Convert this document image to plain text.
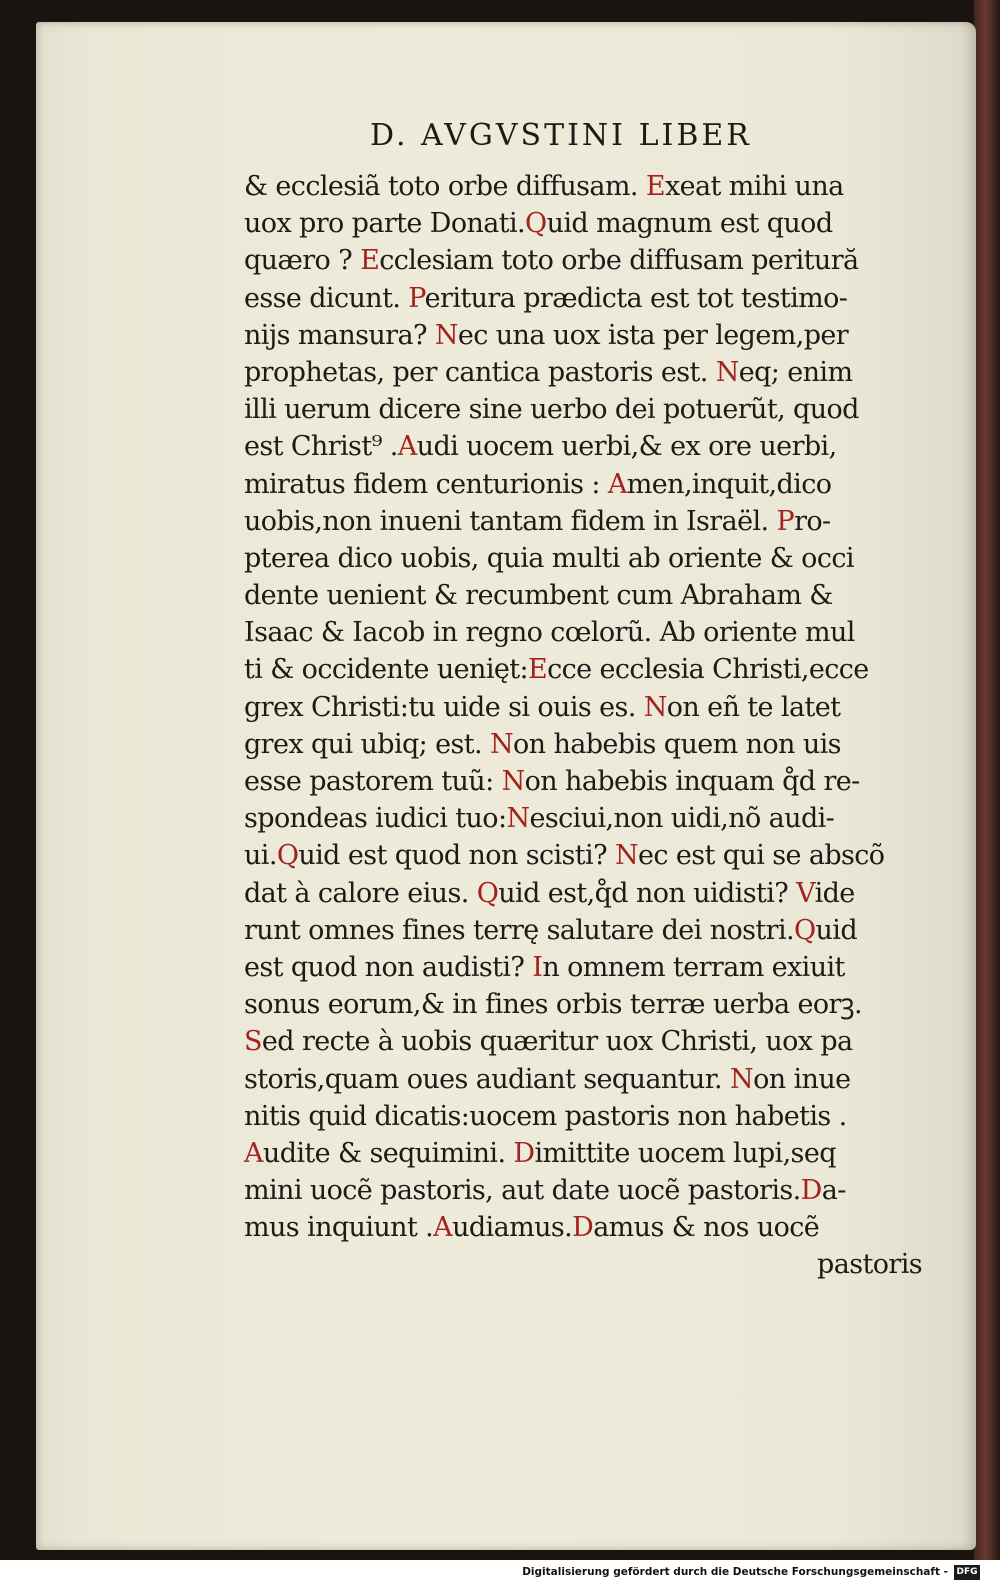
D. AVGVSTINI LIBER
& ecclesiã toto orbe diffusam. Exeat mihi una
uox pro parte Donati.Quid magnum est quod
quæro ? Ecclesiam toto orbe diffusam peritură
esse dicunt. Peritura prædicta est tot testimo-
nijs mansura? Nec una uox ista per legem,per
prophetas, per cantica pastoris est. Neq; enim
illi uerum dicere sine uerbo dei potuerũt, quod
est Christ⁹ .Audi uocem uerbi,& ex ore uerbi,
miratus fidem centurionis : Amen,inquit,dico
uobis,non inueni tantam fidem in Israël. Pro-
pterea dico uobis, quia multi ab oriente & occi
dente uenient & recumbent cum Abraham &
Isaac & Iacob in regno cœlorũ. Ab oriente mul
ti & occidente uenięt:Ecce ecclesia Christi,ecce
grex Christi:tu uide si ouis es. Non eñ te latet
grex qui ubiq; est. Non habebis quem non uis
esse pastorem tuũ: Non habebis inquam q̊d re-
spondeas iudici tuo:Nesciui,non uidi,nõ audi-
ui.Quid est quod non scisti? Nec est qui se abscõ
dat à calore eius. Quid est,q̊d non uidisti? Vide
runt omnes fines terrę salutare dei nostri.Quid
est quod non audisti? In omnem terram exiuit
sonus eorum,& in fines orbis terræ uerba eorꝫ.
Sed recte à uobis quæritur uox Christi, uox pa
storis,quam oues audiant sequantur. Non inue
nitis quid dicatis:uocem pastoris non habetis .
Audite & sequimini. Dimittite uocem lupi,seq
mini uocẽ pastoris, aut date uocẽ pastoris.Da-
mus inquiunt .Audiamus.Damus & nos uocẽ
pastoris
Digitalisierung gefördert durch die Deutsche Forschungsgemeinschaft - DFG
